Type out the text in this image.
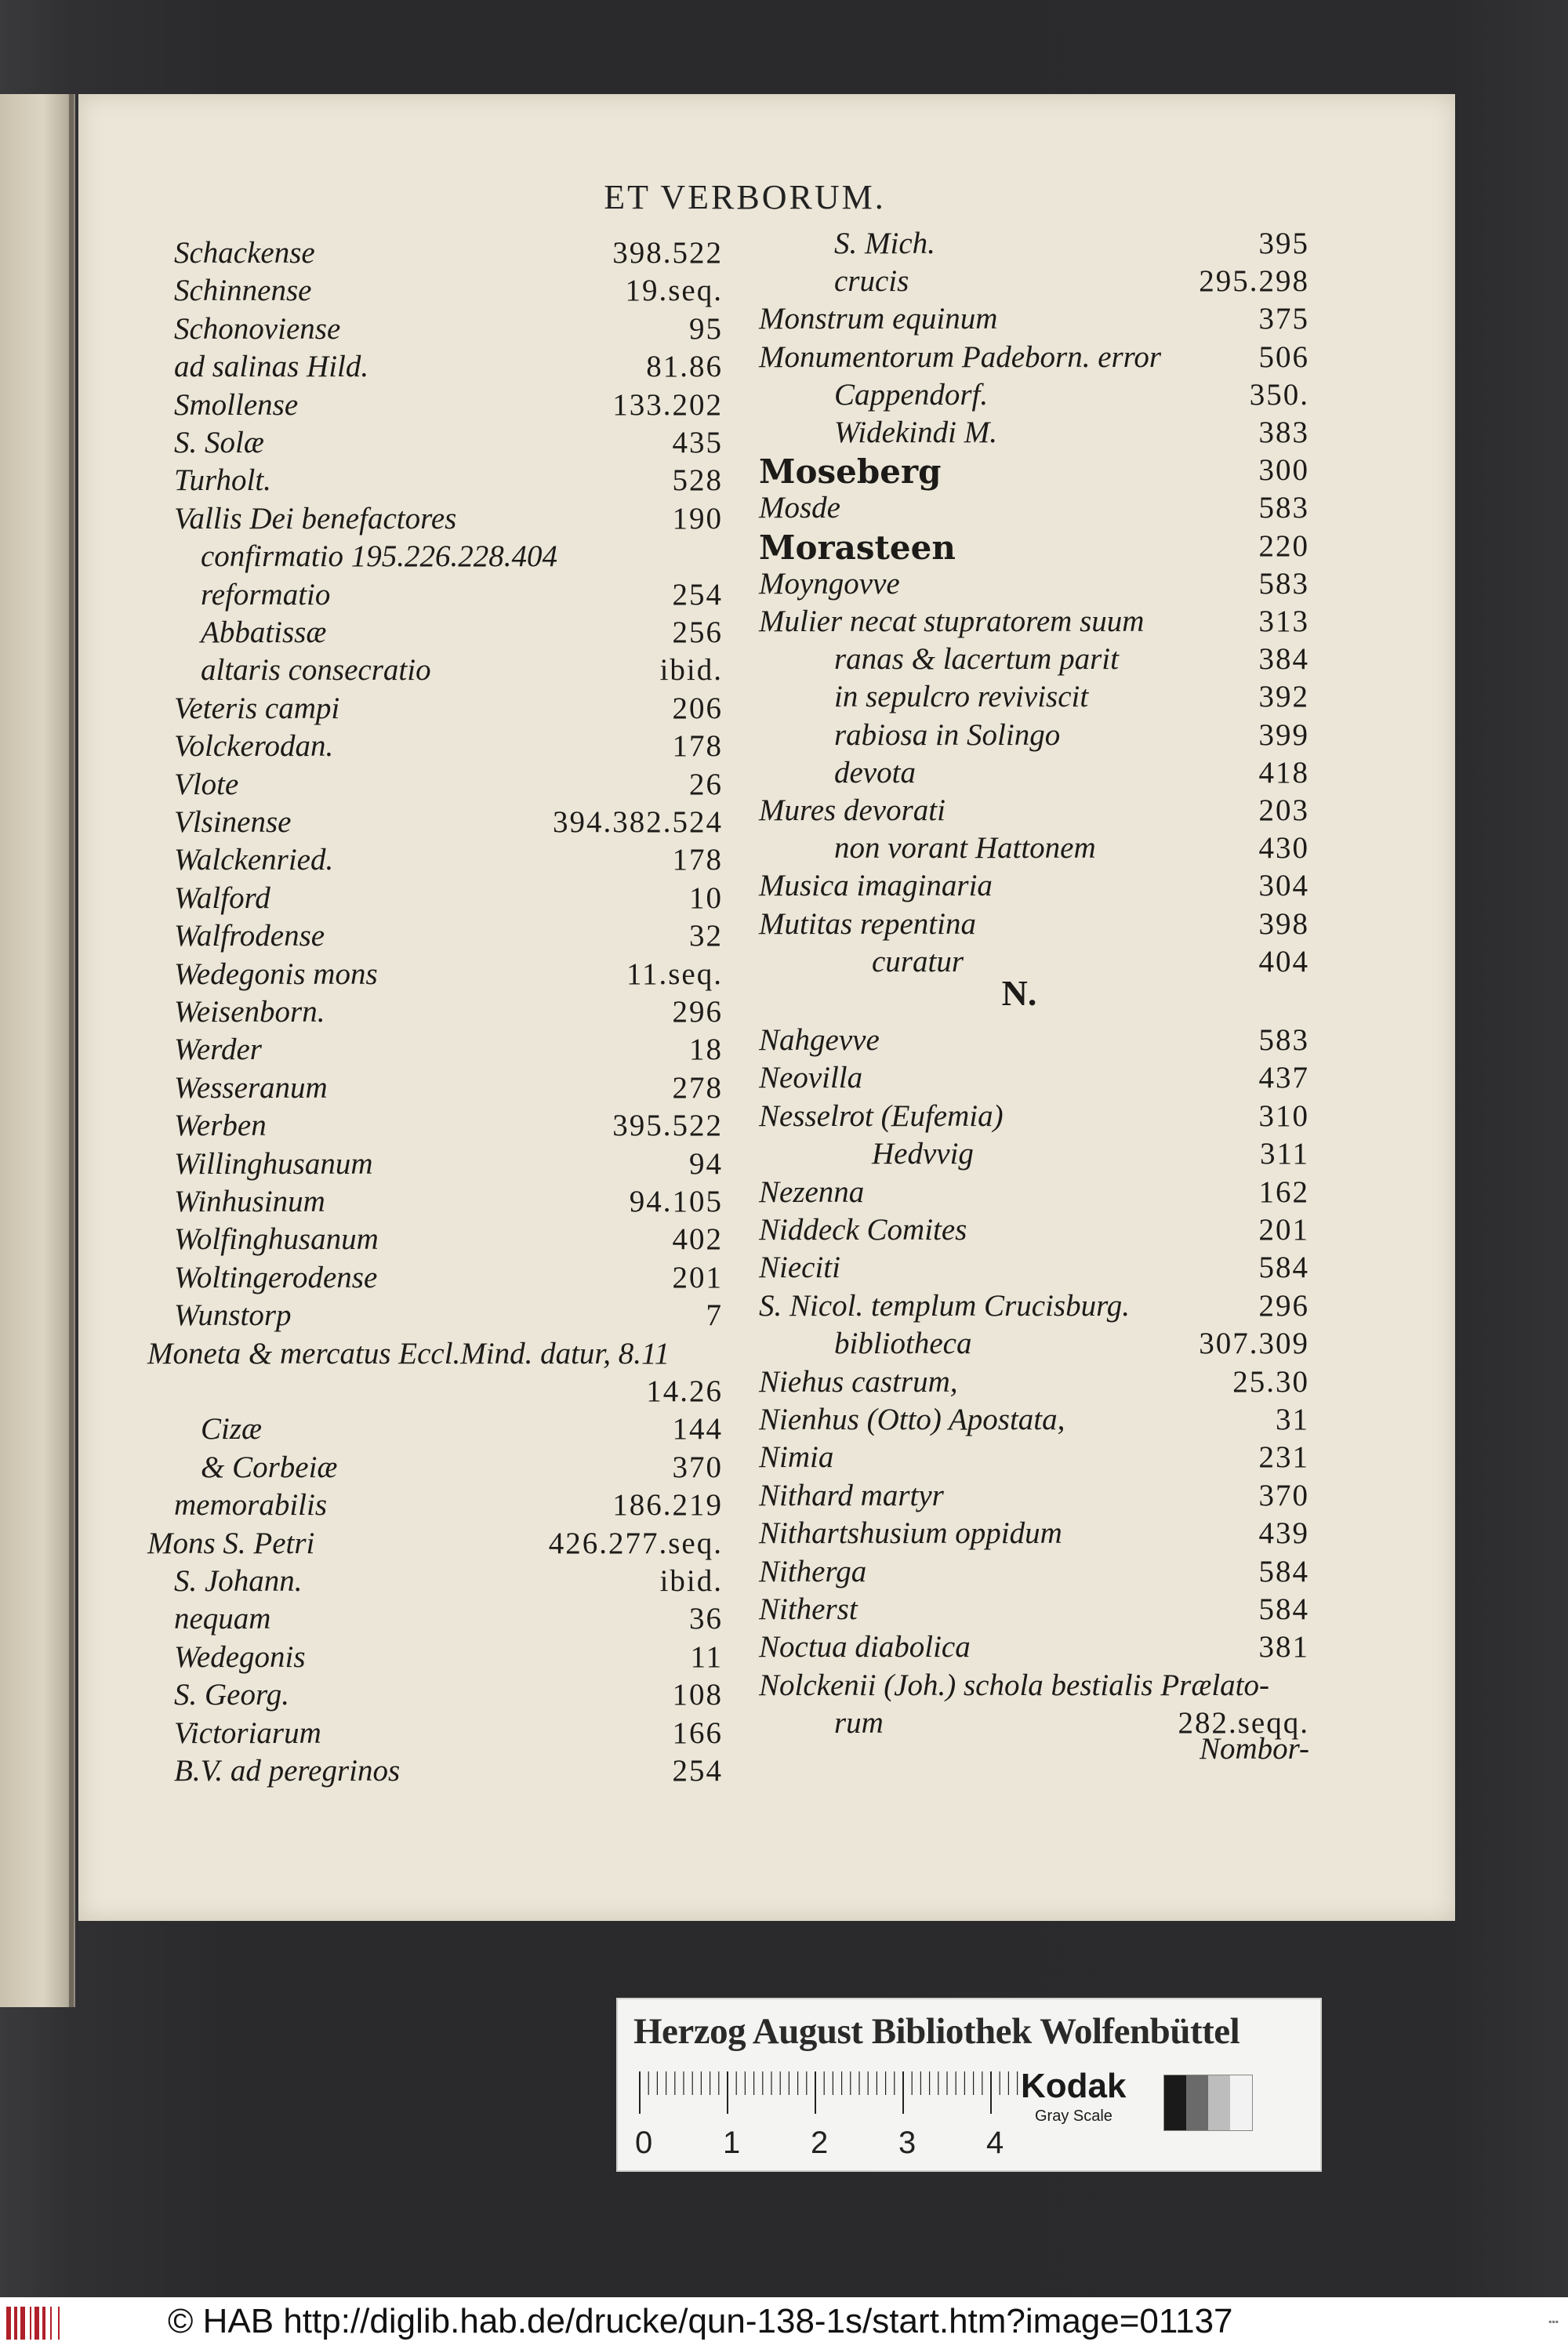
ET VERBORUM.
Schackense	398.522
Schinnense	19.seq.
Schonoviense	95
ad salinas Hild.	81.86
Smollense	133.202
S. Solæ	435
Turholt.	528
Vallis Dei benefactores	190
confirmatio 195.226.228.404
reformatio	254
Abbatissæ	256
altaris consecratio	ibid.
Veteris campi	206
Volckerodan.	178
Vlote	26
Vlsinense	394.382.524
Walckenried.	178
Walford	10
Walfrodense	32
Wedegonis mons	11.seq.
Weisenborn.	296
Werder	18
Wesseranum	278
Werben	395.522
Willinghusanum	94
Winhusinum	94.105
Wolfinghusanum	402
Woltingerodense	201
Wunstorp	7
Moneta & mercatus Eccl.Mind. datur, 8.11
14.26
Cizæ	144
& Corbeiæ	370
memorabilis	186.219
Mons S. Petri	426.277.seq.
S. Johann.	ibid.
nequam	36
Wedegonis	11
S. Georg.	108
Victoriarum	166
B.V. ad peregrinos	254
S. Mich.	395
crucis	295.298
Monstrum equinum	375
Monumentorum Padeborn. error	506
Cappendorf.	350.
Widekindi M.	383
Moseberg	300
Mosde	583
Morasteen	220
Moyngovve	583
Mulier necat stupratorem suum	313
ranas & lacertum parit	384
in sepulcro reviviscit	392
rabiosa in Solingo	399
devota	418
Mures devorati	203
non vorant Hattonem	430
Musica imaginaria	304
Mutitas repentina	398
curatur	404
N.
Nahgevve	583
Neovilla	437
Nesselrot (Eufemia)	310
Hedvvig	311
Nezenna	162
Niddeck Comites	201
Nieciti	584
S. Nicol. templum Crucisburg.	296
bibliotheca	307.309
Niehus castrum,	25.30
Nienhus (Otto) Apostata,	31
Nimia	231
Nithard martyr	370
Nithartshusium oppidum	439
Nitherga	584
Nitherst	584
Noctua diabolica	381
Nolckenii (Joh.) schola bestialis Prælato-
rum	282.seqq.
Nombor-
Herzog August Bibliothek Wolfenbüttel
0 1 2 3 4
Kodak
Gray Scale
© HAB http://diglib.hab.de/drucke/qun-138-1s/start.htm?image=01137	▪▪▪
